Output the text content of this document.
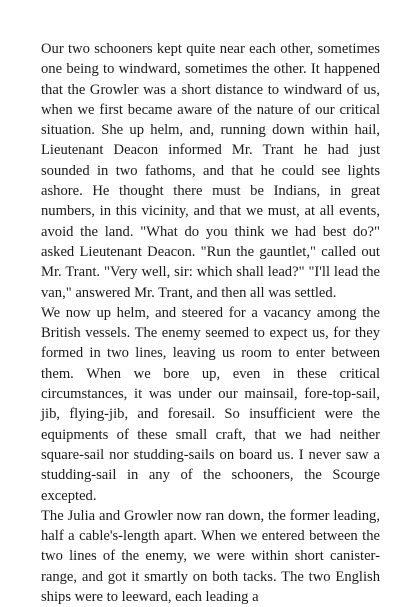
Our two schooners kept quite near each other, sometimes one being to windward, sometimes the other. It happened that the Growler was a short distance to windward of us, when we first became aware of the nature of our critical situation. She up helm, and, running down within hail, Lieutenant Deacon informed Mr. Trant he had just sounded in two fathoms, and that he could see lights ashore. He thought there must be Indians, in great numbers, in this vicinity, and that we must, at all events, avoid the land. "What do you think we had best do?" asked Lieutenant Deacon. "Run the gauntlet," called out Mr. Trant. "Very well, sir: which shall lead?" "I'll lead the van," answered Mr. Trant, and then all was settled.

We now up helm, and steered for a vacancy among the British vessels. The enemy seemed to expect us, for they formed in two lines, leaving us room to enter between them. When we bore up, even in these critical circumstances, it was under our mainsail, fore-top-sail, jib, flying-jib, and foresail. So insufficient were the equipments of these small craft, that we had neither square-sail nor studding-sails on board us. I never saw a studding-sail in any of the schooners, the Scourge excepted.

The Julia and Growler now ran down, the former leading, half a cable's-length apart. When we entered between the two lines of the enemy, we were within short canister-range, and got it smartly on both tacks. The two English ships were to leeward, each leading a
